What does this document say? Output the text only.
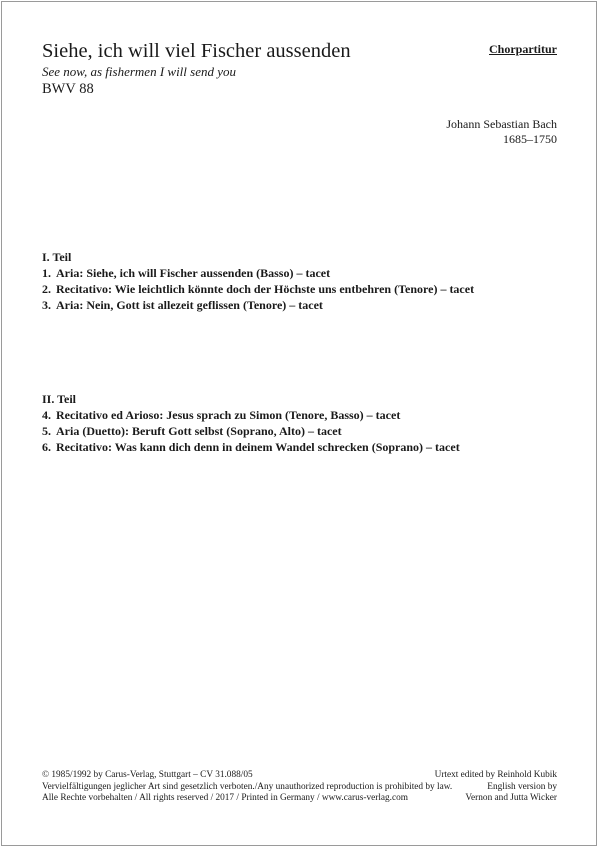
Siehe, ich will viel Fischer aussenden
See now, as fishermen I will send you
BWV 88
Chorpartitur
Johann Sebastian Bach
1685–1750
I. Teil
1. Aria: Siehe, ich will Fischer aussenden (Basso) – tacet
2. Recitativo: Wie leichtlich könnte doch der Höchste uns entbehren (Tenore) – tacet
3. Aria: Nein, Gott ist allezeit geflissen (Tenore) – tacet
II. Teil
4. Recitativo ed Arioso: Jesus sprach zu Simon (Tenore, Basso) – tacet
5. Aria (Duetto): Beruft Gott selbst (Soprano, Alto) – tacet
6. Recitativo: Was kann dich denn in deinem Wandel schrecken (Soprano) – tacet
© 1985/1992 by Carus-Verlag, Stuttgart – CV 31.088/05
Vervielfältigungen jeglicher Art sind gesetzlich verboten./Any unauthorized reproduction is prohibited by law.
Alle Rechte vorbehalten / All rights reserved / 2017 / Printed in Germany / www.carus-verlag.com
Urtext edited by Reinhold Kubik
English version by
Vernon and Jutta Wicker
